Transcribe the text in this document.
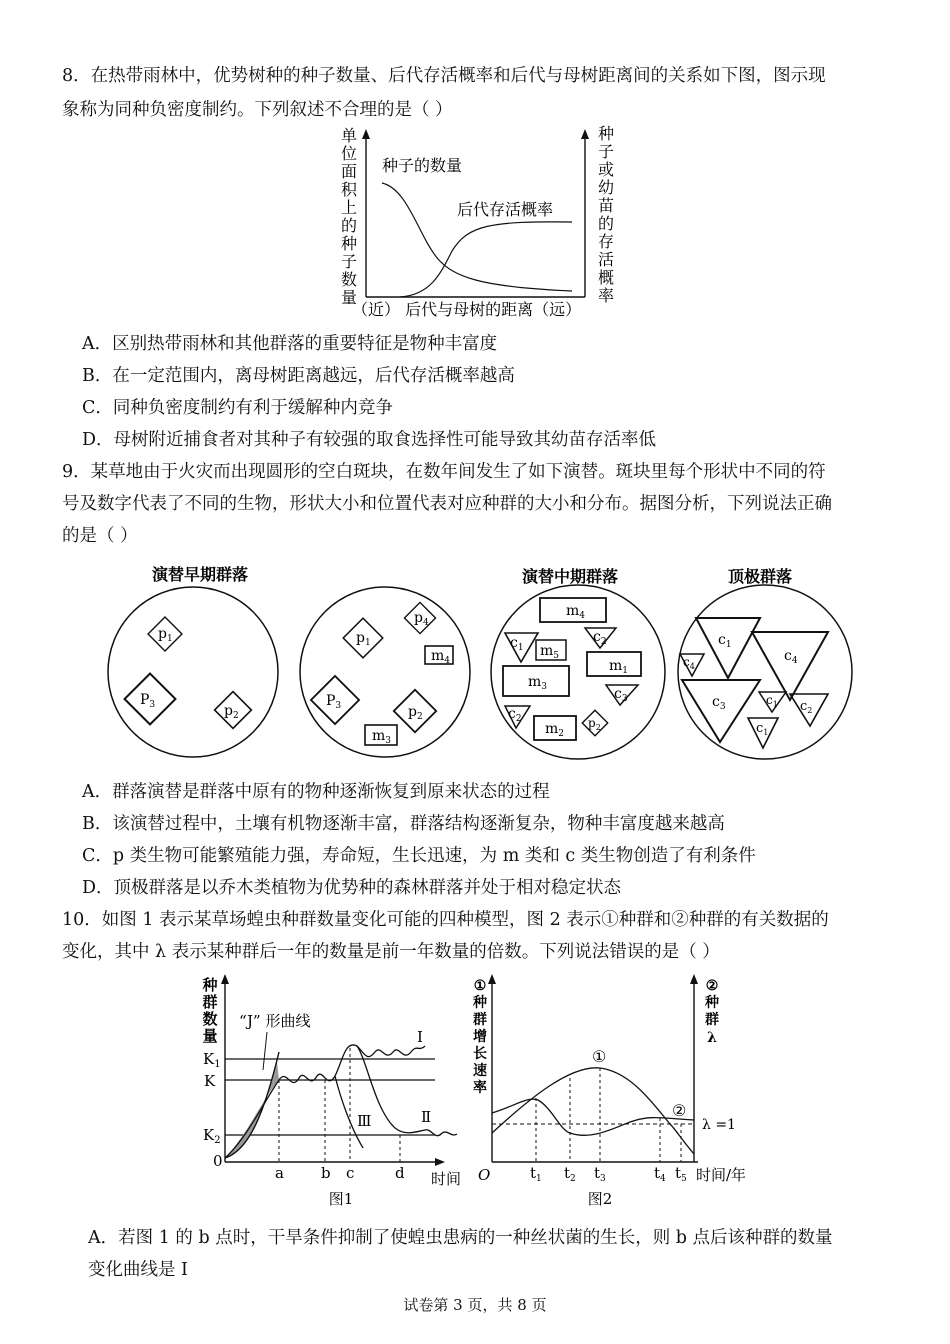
8．在热带雨林中，优势树种的种子数量、后代存活概率和后代与母树距离间的关系如下图，图示现
象称为同种负密度制约。下列叙述不合理的是（ ）
单
位
面
积
上
的
种
子
数
量
种
子
或
幼
苗
的
存
活
概
率
种子的数量
后代存活概率
（近） 后代与母树的距离（远）
A．区别热带雨林和其他群落的重要特征是物种丰富度
B．在一定范围内，离母树距离越远，后代存活概率越高
C．同种负密度制约有利于缓解种内竞争
D．母树附近捕食者对其种子有较强的取食选择性可能导致其幼苗存活率低
9．某草地由于火灾而出现圆形的空白斑块，在数年间发生了如下演替。斑块里每个形状中不同的符
号及数字代表了不同的生物，形状大小和位置代表对应种群的大小和分布。据图分析，下列说法正确
的是（ ）
演替早期群落	演替中期群落	顶极群落
$p_1$
$P_3$	$p_2$
$p_1$
$p_4$
$m_4$
$P_3$	$p_2$
$m_3$
$m_4$
$c_1$ $m_5$
$c_2$
$m_1$
$m_3$	$c_3$
$c_2$
$m_2$
$p_2$
$c_1$
$c_4$
$c_4$
$c_3$	$c_1$ $c_2$
$c_1$
A．群落演替是群落中原有的物种逐渐恢复到原来状态的过程
B．该演替过程中，土壤有机物逐渐丰富，群落结构逐渐复杂，物种丰富度越来越高
C．p 类生物可能繁殖能力强，寿命短，生长迅速，为 m 类和 c 类生物创造了有利条件
D．顶极群落是以乔木类植物为优势种的森林群落并处于相对稳定状态
10．如图 1 表示某草场蝗虫种群数量变化可能的四种模型，图 2 表示①种群和②种群的有关数据的
变化，其中 λ 表示某种群后一年的数量是前一年数量的倍数。下列说法错误的是（ ）
种
群
数
量
“J” 形曲线
$K_1$
K
$K_2$
0
I
Ⅱ
Ⅲ
a b c	d 时间
图1
①
种
群
增
长
速
率
②
种
群
λ
λ =1
①
②
O	$t_1$ $t_2$ $t_3$	$t_4$ $t_5$ 时间/年
图2
A．若图 1 的 b 点时，干旱条件抑制了使蝗虫患病的一种丝状菌的生长，则 b 点后该种群的数量
变化曲线是 I
试卷第 3 页，共 8 页
